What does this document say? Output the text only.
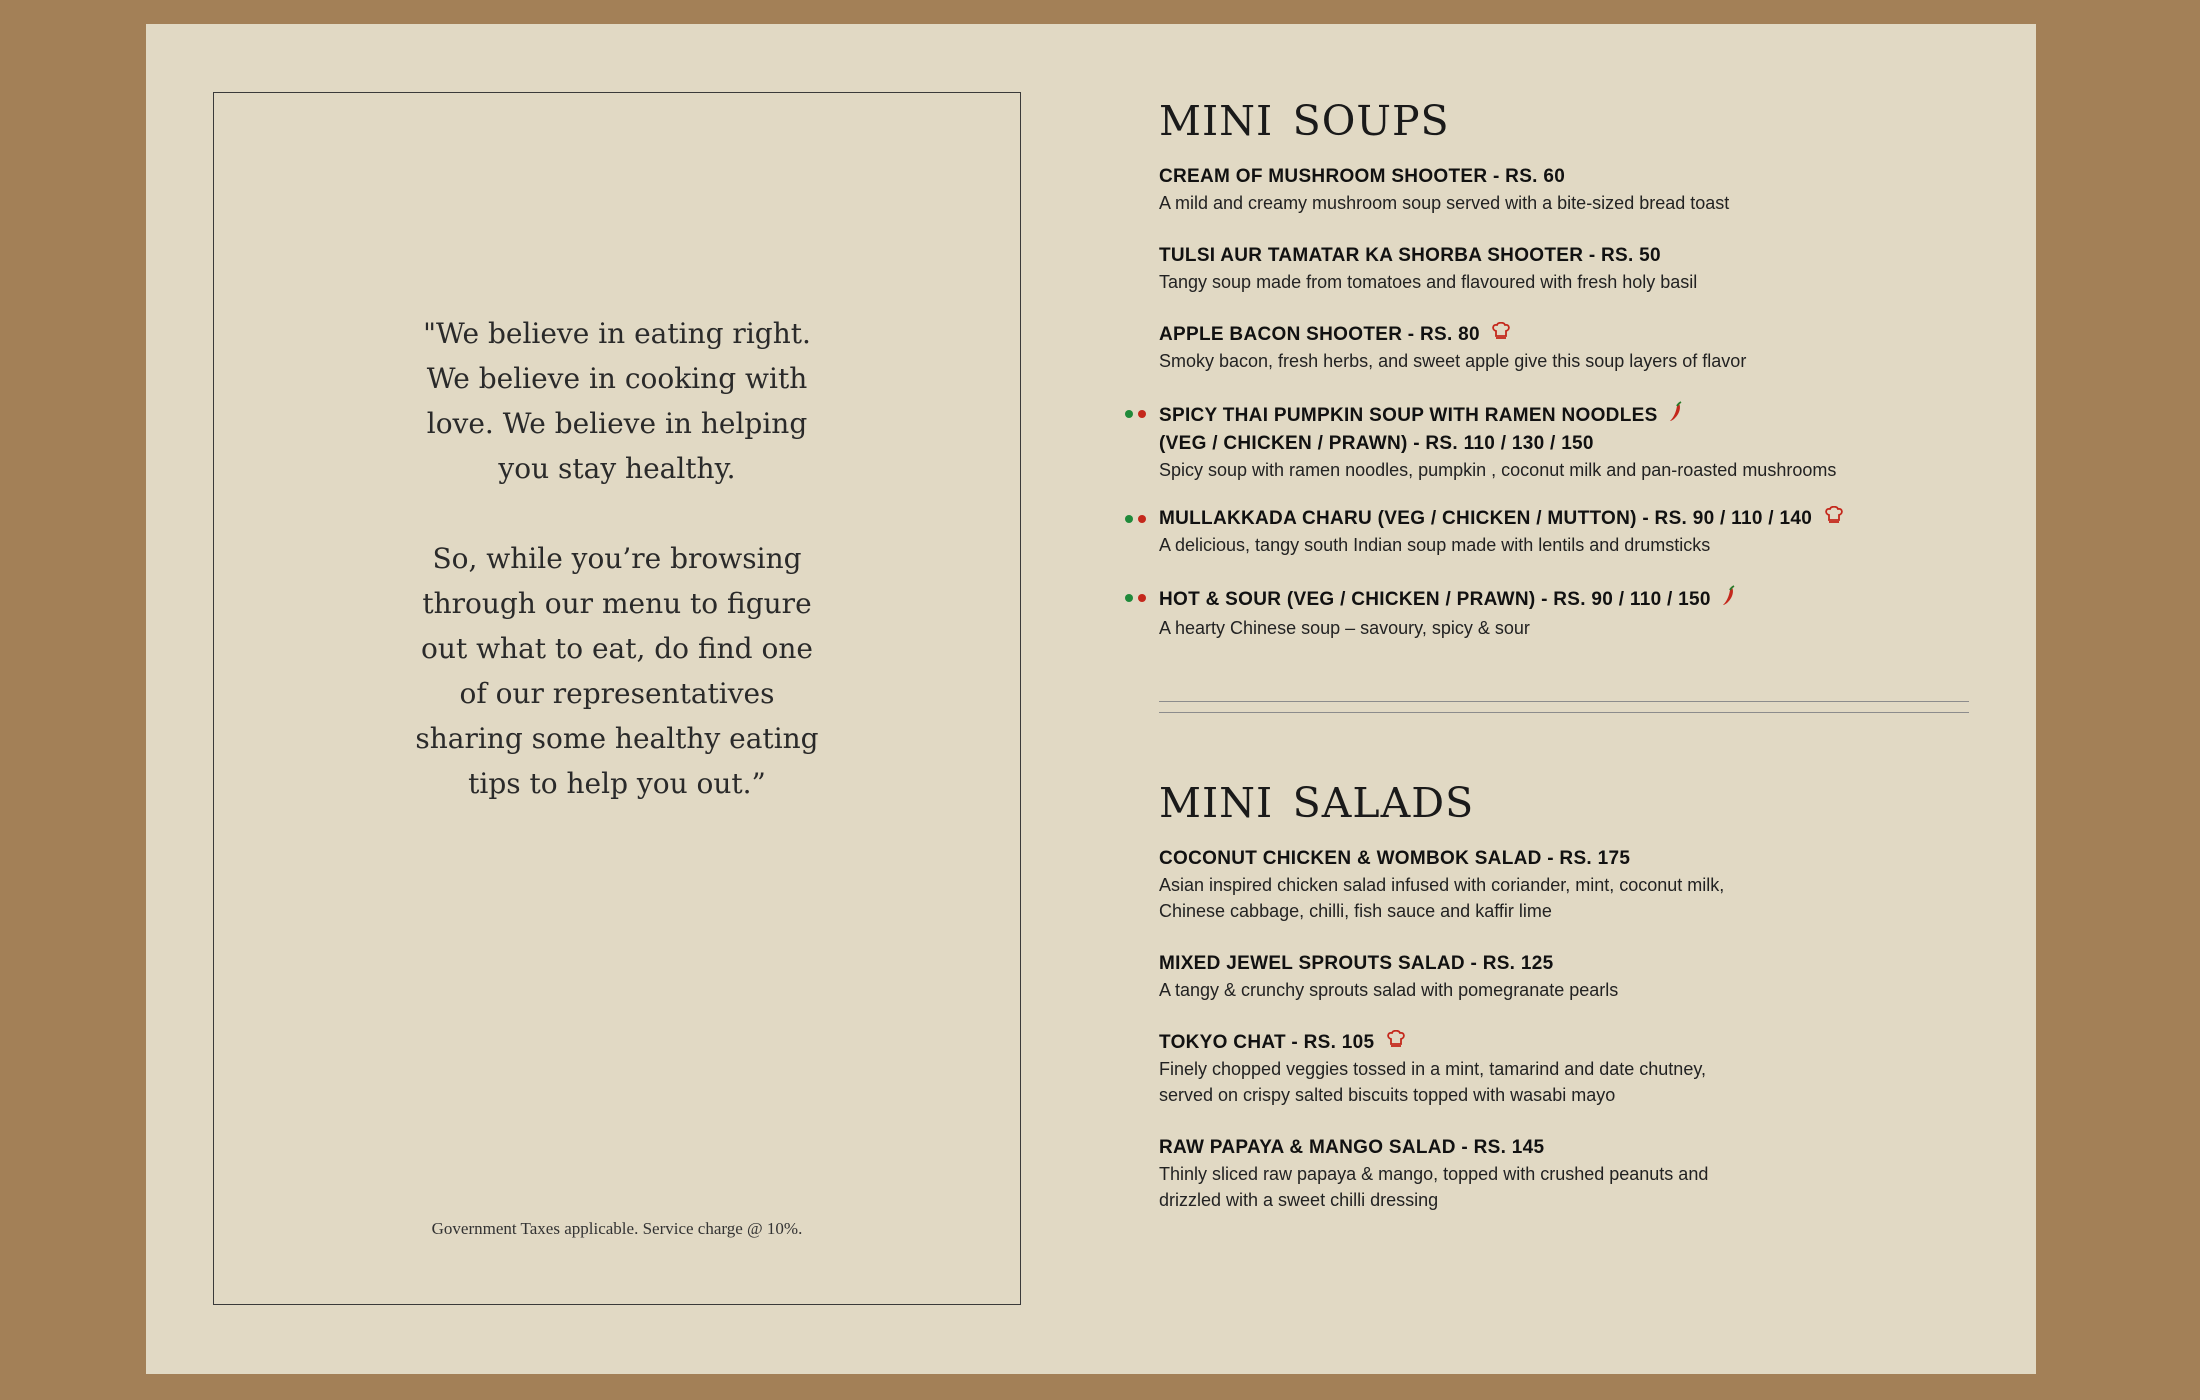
"We believe in eating right.
We believe in cooking with
love. We believe in helping
you stay healthy.

So, while you’re browsing
through our menu to figure
out what to eat, do find one
of our representatives
sharing some healthy eating
tips to help you out.”

Government Taxes applicable. Service charge @ 10%.
mini soups
CREAM OF MUSHROOM SHOOTER - RS. 60
A mild and creamy mushroom soup served with a bite-sized bread toast
TULSI AUR TAMATAR KA SHORBA SHOOTER - RS. 50
Tangy soup made from tomatoes and flavoured with fresh holy basil
APPLE BACON SHOOTER - RS. 80
Smoky bacon, fresh herbs, and sweet apple give this soup layers of flavor
SPICY THAI PUMPKIN SOUP WITH RAMEN NOODLES
(VEG / CHICKEN / PRAWN) - RS. 110 / 130 / 150
Spicy soup with ramen noodles, pumpkin , coconut milk and pan-roasted mushrooms
MULLAKKADA CHARU (VEG / CHICKEN / MUTTON) - RS. 90 / 110 / 140
A delicious, tangy south Indian soup made with lentils and drumsticks
HOT & SOUR (VEG / CHICKEN / PRAWN) - RS. 90 / 110 / 150
A hearty Chinese soup – savoury, spicy & sour
mini salads
COCONUT CHICKEN & WOMBOK SALAD - RS. 175
Asian inspired chicken salad infused with coriander, mint, coconut milk,
Chinese cabbage, chilli, fish sauce and kaffir lime
MIXED JEWEL SPROUTS SALAD - RS. 125
A tangy & crunchy sprouts salad with pomegranate pearls
TOKYO CHAT - RS. 105
Finely chopped veggies tossed in a mint, tamarind and date chutney,
served on crispy salted biscuits topped with wasabi mayo
RAW PAPAYA & MANGO SALAD - RS. 145
Thinly sliced raw papaya & mango, topped with crushed peanuts and
drizzled with a sweet chilli dressing
